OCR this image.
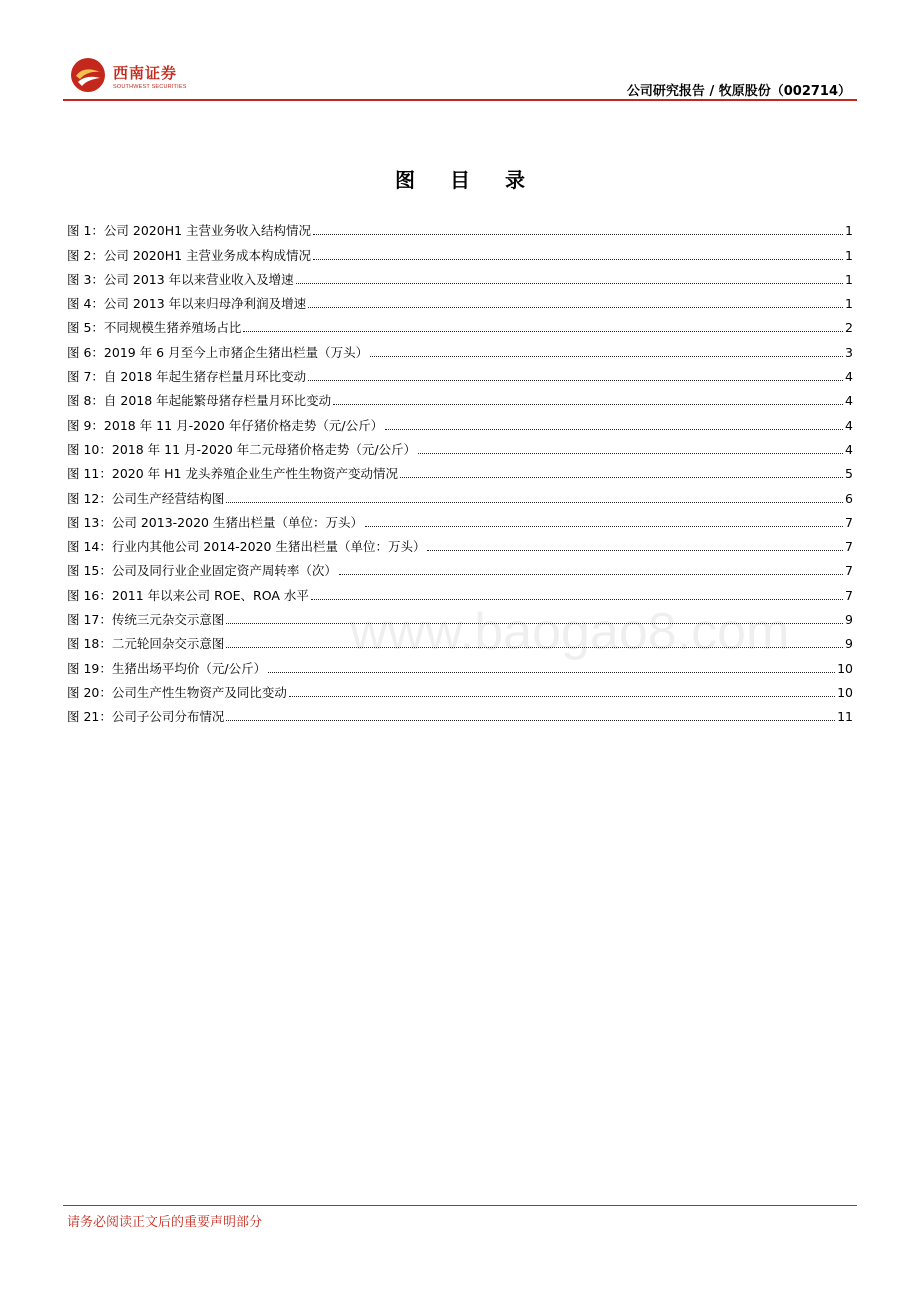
西南证券
SOUTHWEST SECURITIES	公司研究报告 / 牧原股份（002714）
图 目 录
图 1：公司 2020H1 主营业务收入结构情况	1
图 2：公司 2020H1 主营业务成本构成情况	1
图 3：公司 2013 年以来营业收入及增速	1
图 4：公司 2013 年以来归母净利润及增速	1
图 5：不同规模生猪养殖场占比	2
图 6：2019 年 6 月至今上市猪企生猪出栏量（万头）	3
图 7：自 2018 年起生猪存栏量月环比变动	4
图 8：自 2018 年起能繁母猪存栏量月环比变动	4
图 9：2018 年 11 月-2020 年仔猪价格走势（元/公斤）	4
图 10：2018 年 11 月-2020 年二元母猪价格走势（元/公斤）	4
图 11：2020 年 H1 龙头养殖企业生产性生物资产变动情况	5
图 12：公司生产经营结构图	6
图 13：公司 2013-2020 生猪出栏量（单位：万头）	7
图 14：行业内其他公司 2014-2020 生猪出栏量（单位：万头）	7
图 15：公司及同行业企业固定资产周转率（次）	7
图 16：2011 年以来公司 ROE、ROA 水平	7
图 17：传统三元杂交示意图	9
图 18：二元轮回杂交示意图	9
图 19：生猪出场平均价（元/公斤）	10
图 20：公司生产性生物资产及同比变动	10
图 21：公司子公司分布情况	11
www.baogao8.com
请务必阅读正文后的重要声明部分
